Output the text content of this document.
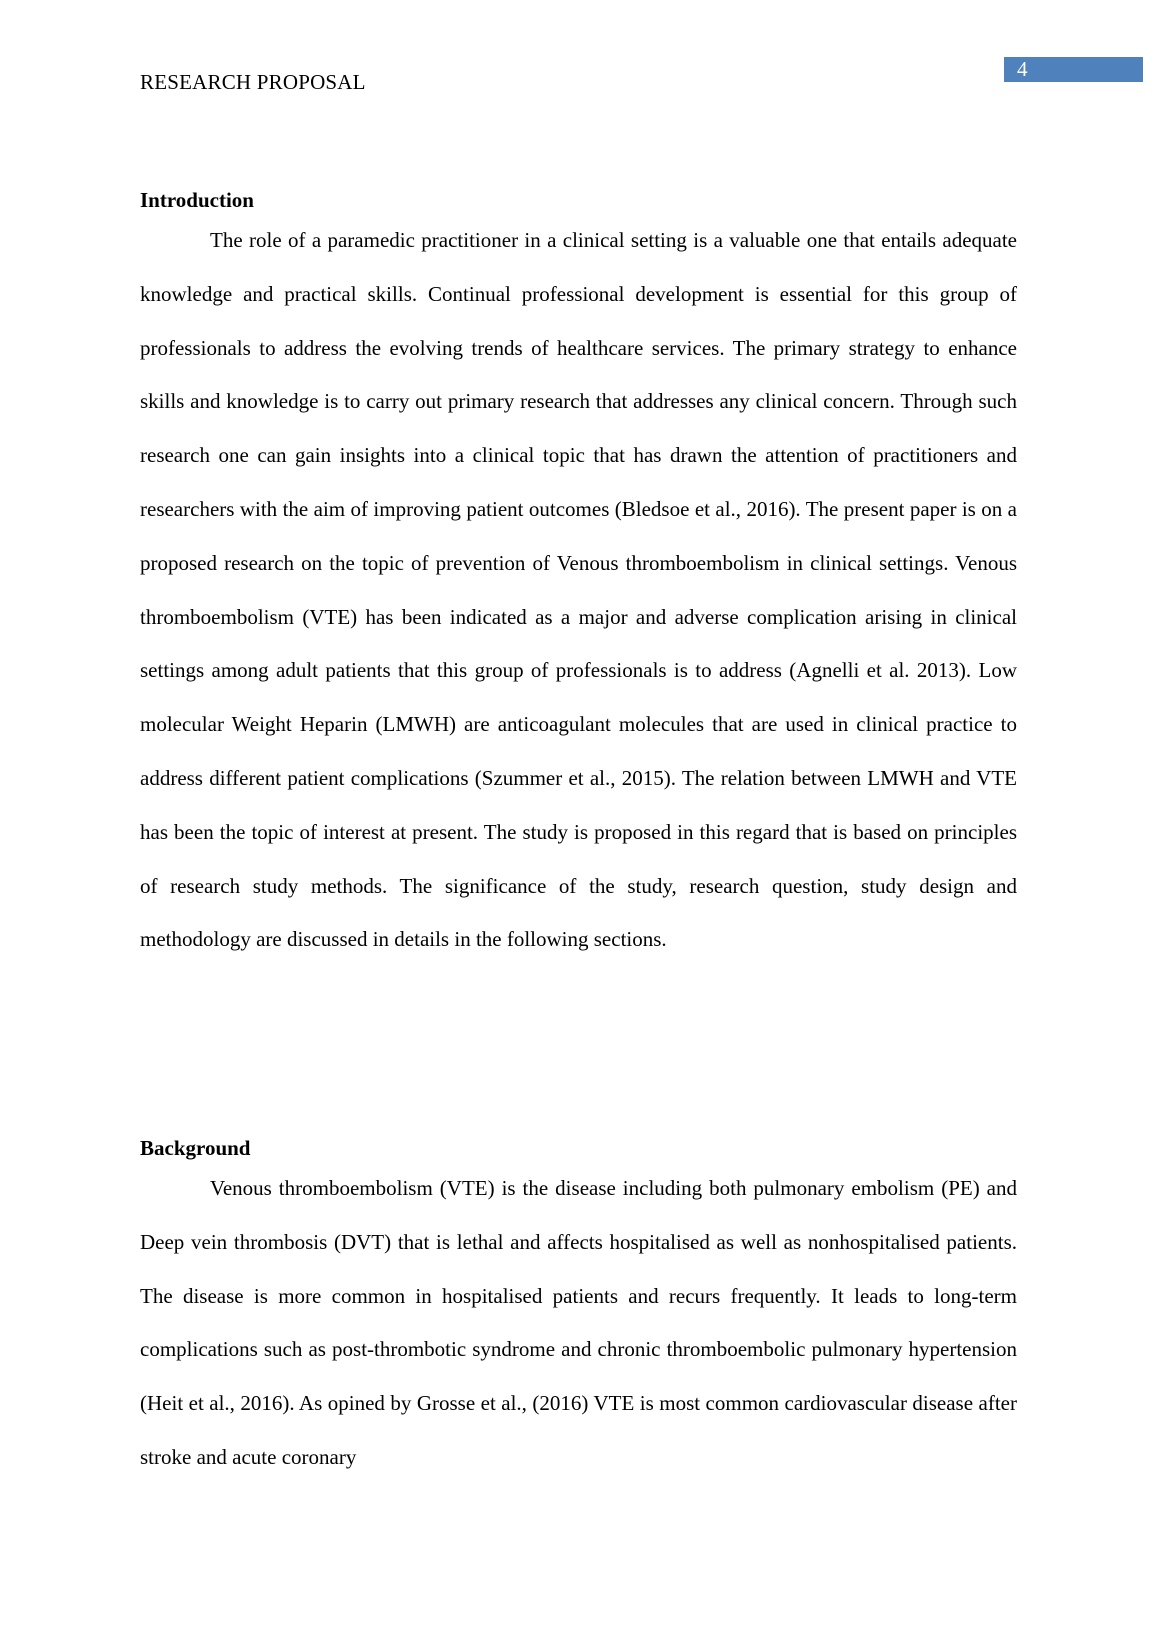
RESEARCH PROPOSAL
4
Introduction

The role of a paramedic practitioner in a clinical setting is a valuable one that entails adequate knowledge and practical skills. Continual professional development is essential for this group of professionals to address the evolving trends of healthcare services. The primary strategy to enhance skills and knowledge is to carry out primary research that addresses any clinical concern. Through such research one can gain insights into a clinical topic that has drawn the attention of practitioners and researchers with the aim of improving patient outcomes (Bledsoe et al., 2016). The present paper is on a proposed research on the topic of prevention of Venous thromboembolism in clinical settings. Venous thromboembolism (VTE) has been indicated as a major and adverse complication arising in clinical settings among adult patients that this group of professionals is to address (Agnelli et al. 2013). Low molecular Weight Heparin (LMWH) are anticoagulant molecules that are used in clinical practice to address different patient complications (Szummer et al., 2015). The relation between LMWH and VTE has been the topic of interest at present. The study is proposed in this regard that is based on principles of research study methods. The significance of the study, research question, study design and methodology are discussed in details in the following sections.

Background

Venous thromboembolism (VTE) is the disease including both pulmonary embolism (PE) and Deep vein thrombosis (DVT) that is lethal and affects hospitalised as well as nonhospitalised patients. The disease is more common in hospitalised patients and recurs frequently. It leads to long-term complications such as post-thrombotic syndrome and chronic thromboembolic pulmonary hypertension (Heit et al., 2016). As opined by Grosse et al., (2016) VTE is most common cardiovascular disease after stroke and acute coronary
